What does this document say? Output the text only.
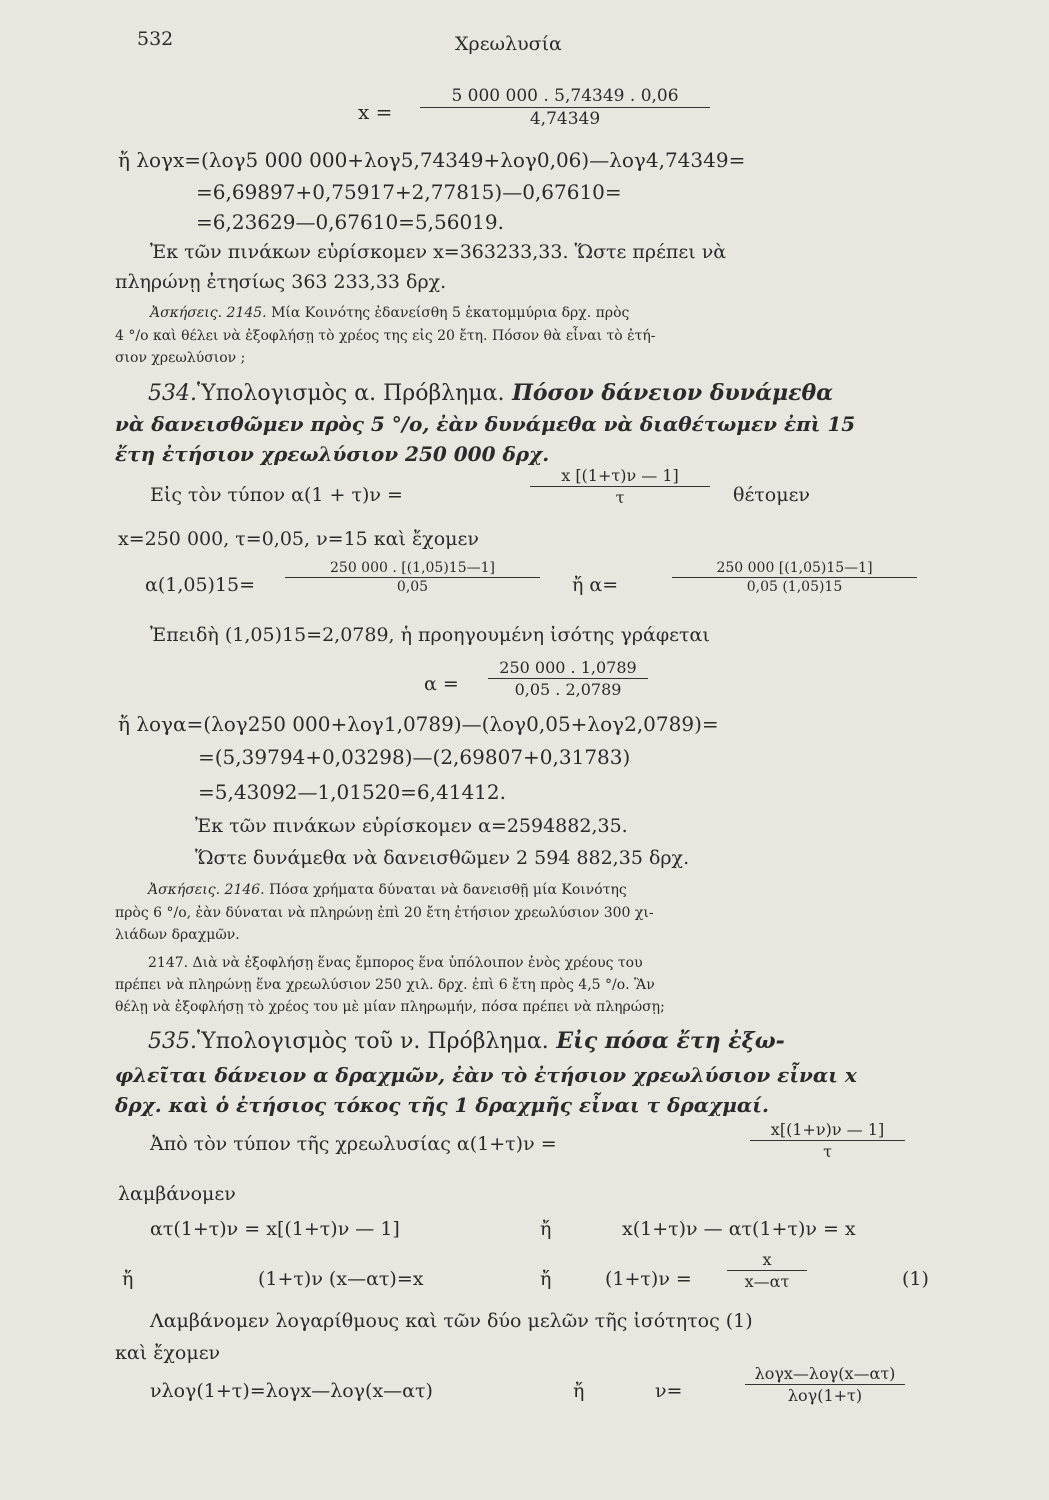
532	Χρεωλυσία
$x = \frac{5 000 000 . 5,74349 . 0,06}{4,74349}$
ἤ λογx=(λογ5 000 000+λογ5,74349+λογ0,06)—λογ4,74349=
=6,69897+0,75917+2,77815)—0,67610=
=6,23629—0,67610=5,56019.
Ἐκ τῶν πινάκων εὑρίσκομεν x=363233,33. Ὥστε πρέπει νὰ
πληρώνῃ ἐτησίως 363 233,33 δρχ.
Ἀσκήσεις. 2145. Μία Κοινότης ἐδανείσθη 5 ἑκατομμύρια δρχ. πρὸς
4 °/ο καὶ θέλει νὰ ἐξοφλήσῃ τὸ χρέος της εἰς 20 ἔτη. Πόσον θὰ εἶναι τὸ ἐτή-
σιον χρεωλύσιον ;
534.Ὑπολογισμὸς α. Πρόβλημα. Πόσον δάνειον δυνάμεθα
νὰ δανεισθῶμεν πρὸς 5 °/ο, ἐὰν δυνάμεθα νὰ διαθέτωμεν ἐπὶ 15
ἔτη ἐτήσιον χρεωλύσιον 250 000 δρχ.
Εἰς τὸν τύπον α(1 + τ)ν =	$\frac{x [(1+\tau)\nu — 1]}{\tau}$ θέτομεν
x=250 000, τ=0,05, ν=15 καὶ ἔχομεν
$\alpha(1,05)15= \frac{250 000 . [(1,05)15—1]}{0,05}$ ἤ α=	$\frac{250 000 [(1,05)15—1]}{0,05 (1,05)15}$
Ἐπειδὴ (1,05)15=2,0789, ἡ προηγουμένη ἰσότης γράφεται
$\alpha = \frac{250 000 . 1,0789}{0,05 . 2,0789}$
ἤ λογα=(λογ250 000+λογ1,0789)—(λογ0,05+λογ2,0789)=
=(5,39794+0,03298)—(2,69807+0,31783)
=5,43092—1,01520=6,41412.
Ἐκ τῶν πινάκων εὑρίσκομεν α=2594882,35.
Ὥστε δυνάμεθα νὰ δανεισθῶμεν 2 594 882,35 δρχ.
Ἀσκήσεις. 2146. Πόσα χρήματα δύναται νὰ δανεισθῇ μία Κοινότης
πρὸς 6 °/ο, ἐὰν δύναται νὰ πληρώνῃ ἐπὶ 20 ἔτη ἐτήσιον χρεωλύσιον 300 χι-
λιάδων δραχμῶν.
2147. Διὰ νὰ ἐξοφλήσῃ ἕνας ἔμπορος ἕνα ὑπόλοιπον ἑνὸς χρέους του
πρέπει νὰ πληρώνῃ ἕνα χρεωλύσιον 250 χιλ. δρχ. ἐπὶ 6 ἔτη πρὸς 4,5 °/ο. Ἂν
θέλῃ νὰ ἐξοφλήσῃ τὸ χρέος του μὲ μίαν πληρωμήν, πόσα πρέπει νὰ πληρώσῃ;
535.Ὑπολογισμὸς τοῦ ν. Πρόβλημα. Εἰς πόσα ἔτη ἐξω-
φλεῖται δάνειον α δραχμῶν, ἐὰν τὸ ἐτήσιον χρεωλύσιον εἶναι x
δρχ. καὶ ὁ ἐτήσιος τόκος τῆς 1 δραχμῆς εἶναι τ δραχμαί.
Ἀπὸ τὸν τύπον τῆς χρεωλυσίας α(1+τ)ν =	$\frac{x[(1+\nu)\nu — 1]}{\tau}$
λαμβάνομεν
ατ(1+τ)ν = x[(1+τ)ν — 1]	ἤ	x(1+τ)ν — ατ(1+τ)ν = x
ἤ	(1+τ)ν (x—ατ)=x	ἤ	$(1+\tau)\nu = \frac{x}{x—\alpha\tau}$	(1)
Λαμβάνομεν λογαρίθμους καὶ τῶν δύο μελῶν τῆς ἰσότητος (1)
καὶ ἔχομεν
νλογ(1+τ)=λογx—λογ(x—ατ)	ἤ	ν=
λογx—λογ(x—ατ)
λογ(1+τ)
